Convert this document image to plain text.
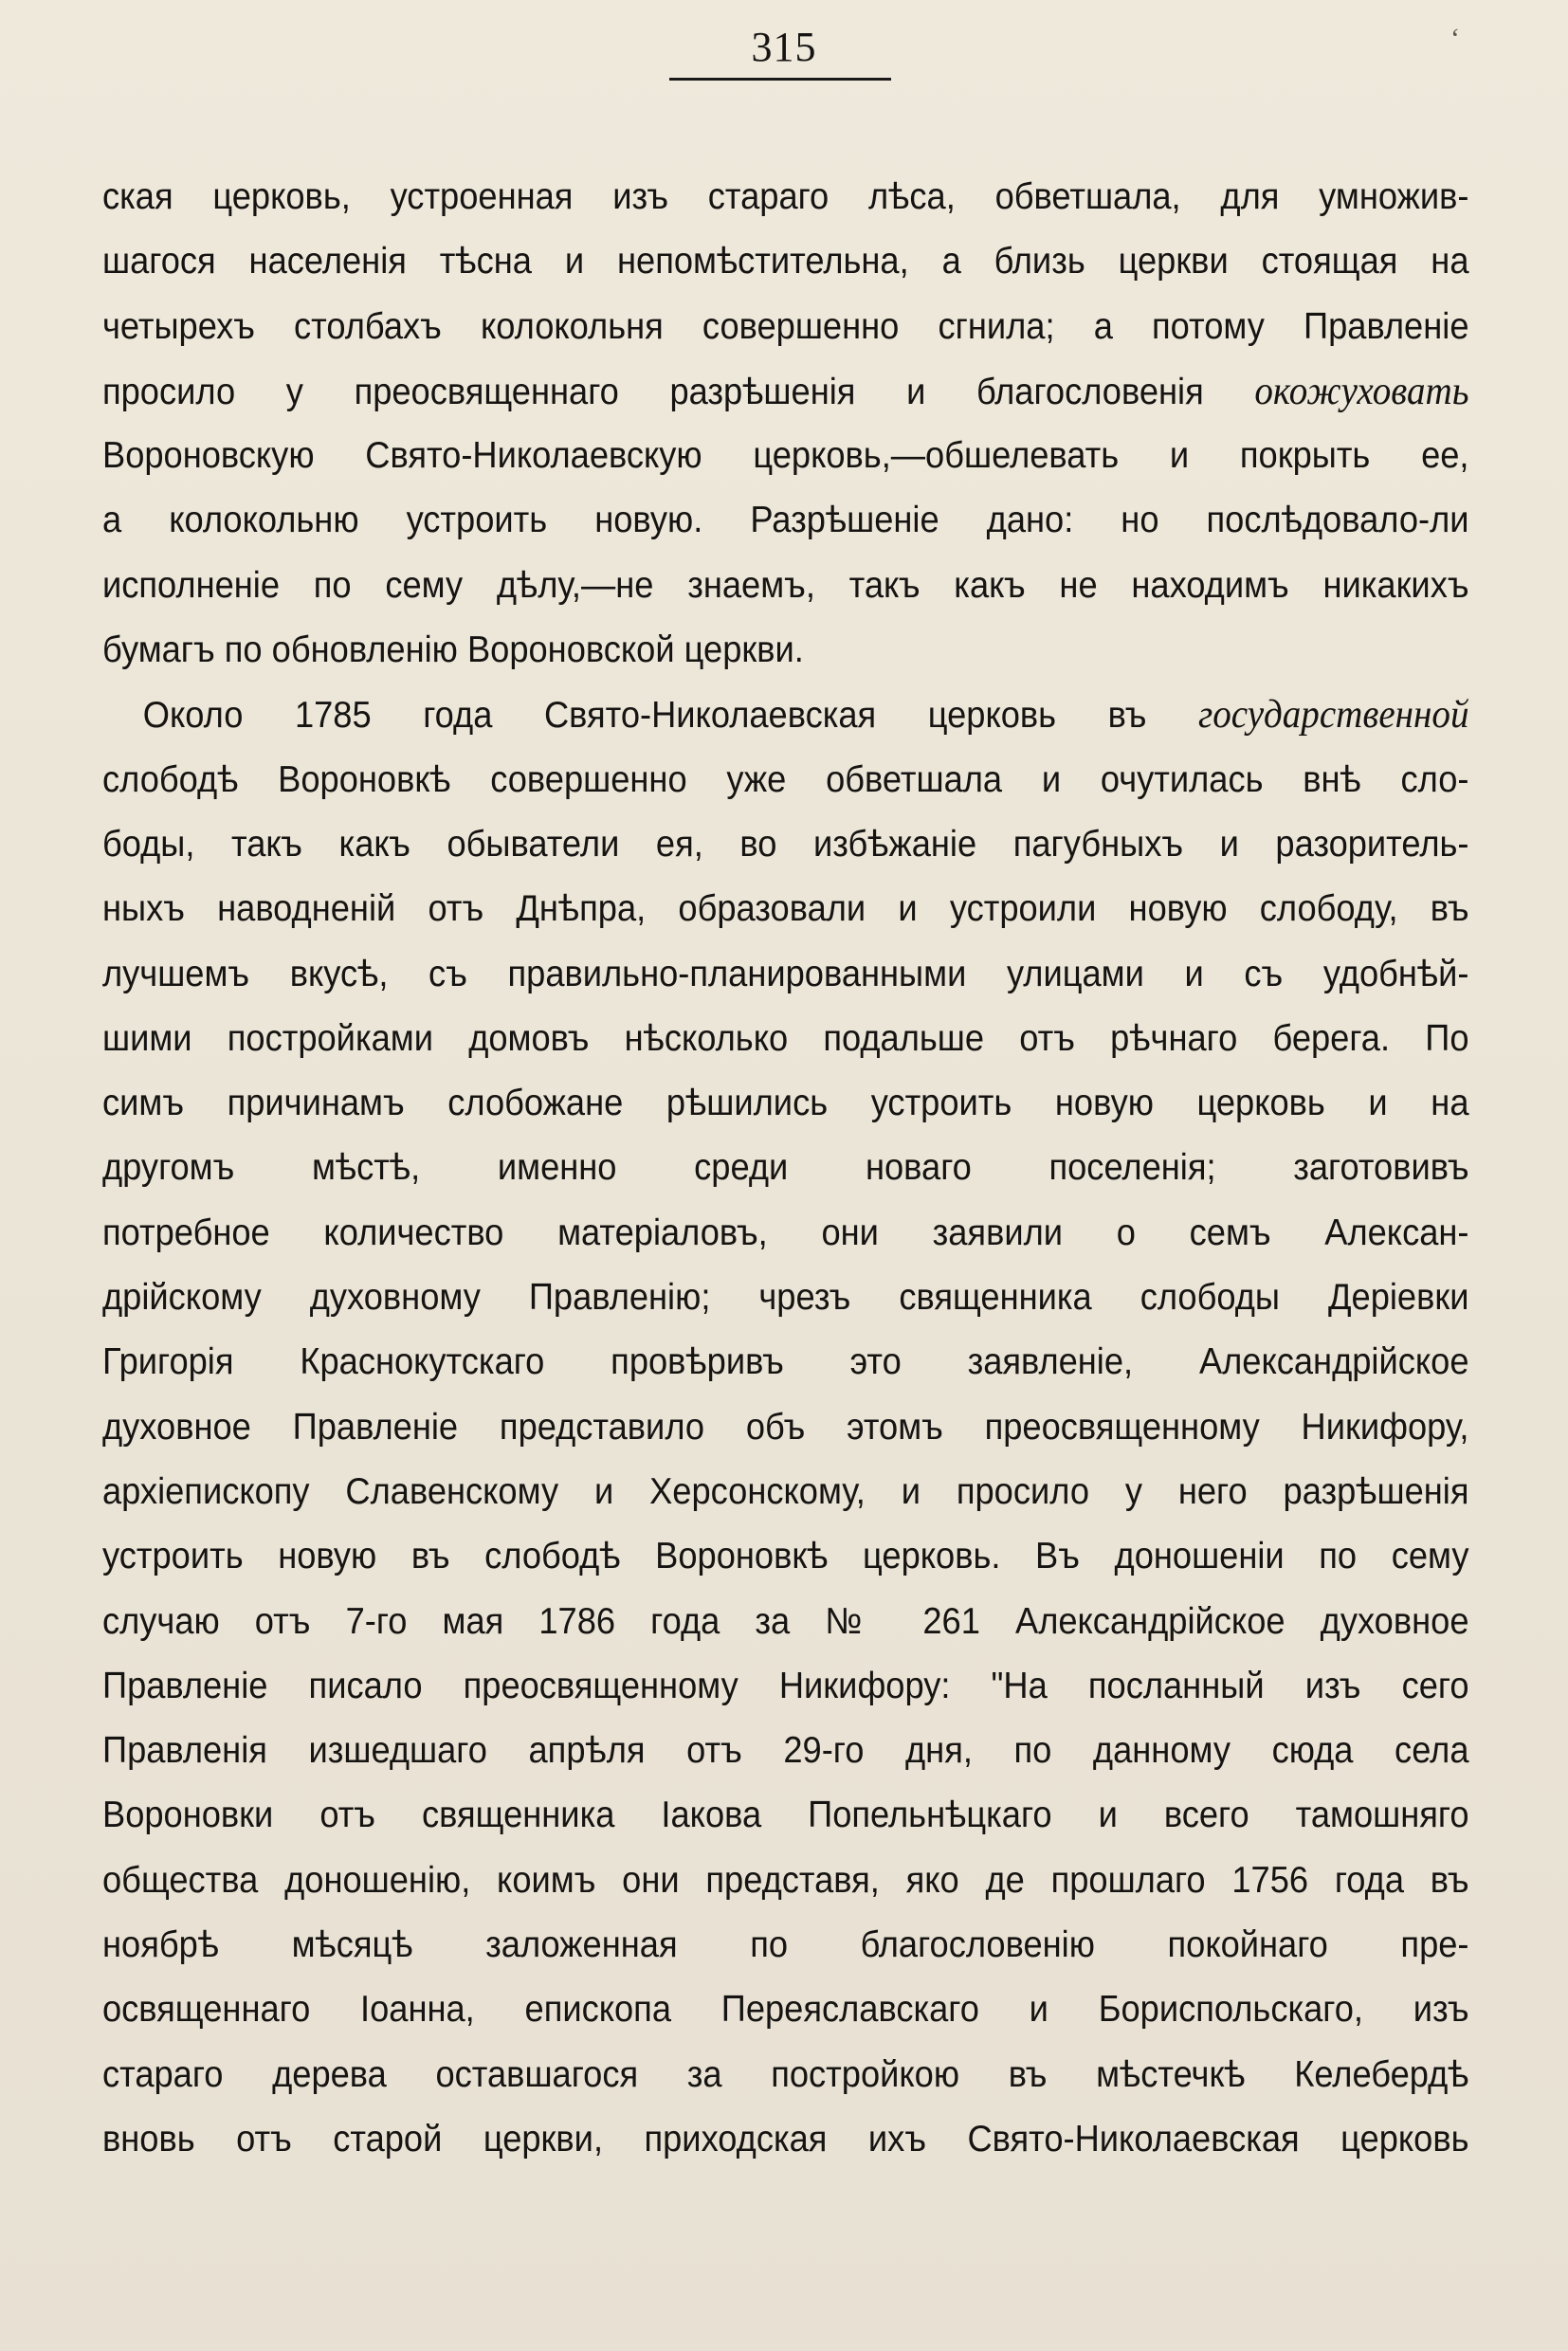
315	‘
ская церковь, устроенная изъ стараго лѣса, обветшала, для умножив-
шагося населенія тѣсна и непомѣстительна, а близь церкви стоящая на
четырехъ столбахъ колокольня совершенно сгнила; а потому Правленіе
просило у преосвященнаго разрѣшенія и благословенія окожуховать
Вороновскую Свято-Николаевскую церковь,—обшелевать и покрыть ее,
а колокольню устроить новую. Разрѣшеніе дано: но послѣдовало-ли
исполненіе по сему дѣлу,—не знаемъ, такъ какъ не находимъ никакихъ
бумагъ по обновленію Вороновской церкви.
Около 1785 года Свято-Николаевская церковь въ государственной
слободѣ Вороновкѣ совершенно уже обветшала и очутилась внѣ сло-
боды, такъ какъ обыватели ея, во избѣжаніе пагубныхъ и разоритель-
ныхъ наводненій отъ Днѣпра, образовали и устроили новую слободу, въ
лучшемъ вкусѣ, съ правильно-планированными улицами и съ удобнѣй-
шими постройками домовъ нѣсколько подальше отъ рѣчнаго берега. По
симъ причинамъ слобожане рѣшились устроить новую церковь и на
другомъ мѣстѣ, именно среди новаго поселенія; заготовивъ
потребное количество матеріаловъ, они заявили о семъ Алексан-
дрійскому духовному Правленію; чрезъ священника слободы Деріевки
Григорія Краснокутскаго провѣривъ это заявленіе, Александрійское
духовное Правленіе представило объ этомъ преосвященному Никифору,
архіепископу Славенскому и Херсонскому, и просило у него разрѣшенія
устроить новую въ слободѣ Вороновкѣ церковь. Въ доношеніи по сему
случаю отъ 7-го мая 1786 года за № 261 Александрійское духовное
Правленіе писало преосвященному Никифору: "На посланный изъ сего
Правленія изшедшаго апрѣля отъ 29-го дня, по данному сюда села
Вороновки отъ священника Іакова Попельнѣцкаго и всего тамошняго
общества доношенію, коимъ они представя, яко де прошлаго 1756 года въ
ноябрѣ мѣсяцѣ заложенная по благословенію покойнаго пре-
освященнаго Іоанна, епископа Переяславскаго и Бориспольскаго, изъ
стараго дерева оставшагося за постройкою въ мѣстечкѣ Келебердѣ
вновь отъ старой церкви, приходская ихъ Свято-Николаевская церковь
